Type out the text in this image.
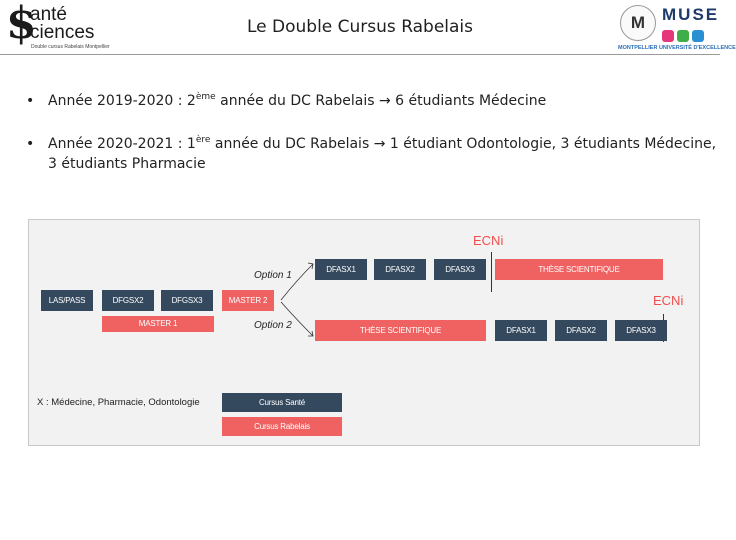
$
anté
ciences
Double cursus Rabelais Montpellier
Le Double Cursus Rabelais	M MUSE
MONTPELLIER UNIVERSITÉ D'EXCELLENCE
• Année 2019-2020 : 2ème année du DC Rabelais → 6 étudiants Médecine
• Année 2020-2021 : 1ère année du DC Rabelais → 1 étudiant Odontologie, 3 étudiants Médecine, 3 étudiants Pharmacie
ECNi
ECNi
Option 1
Option 2
LAS/PASS	DFGSX2	DFGSX3	MASTER 2
MASTER 1
DFASX1	DFASX2	DFASX3	THÈSE SCIENTIFIQUE
THÈSE SCIENTIFIQUE	DFASX1	DFASX2	DFASX3
X : Médecine, Pharmacie, Odontologie	Cursus Santé
Cursus Rabelais
